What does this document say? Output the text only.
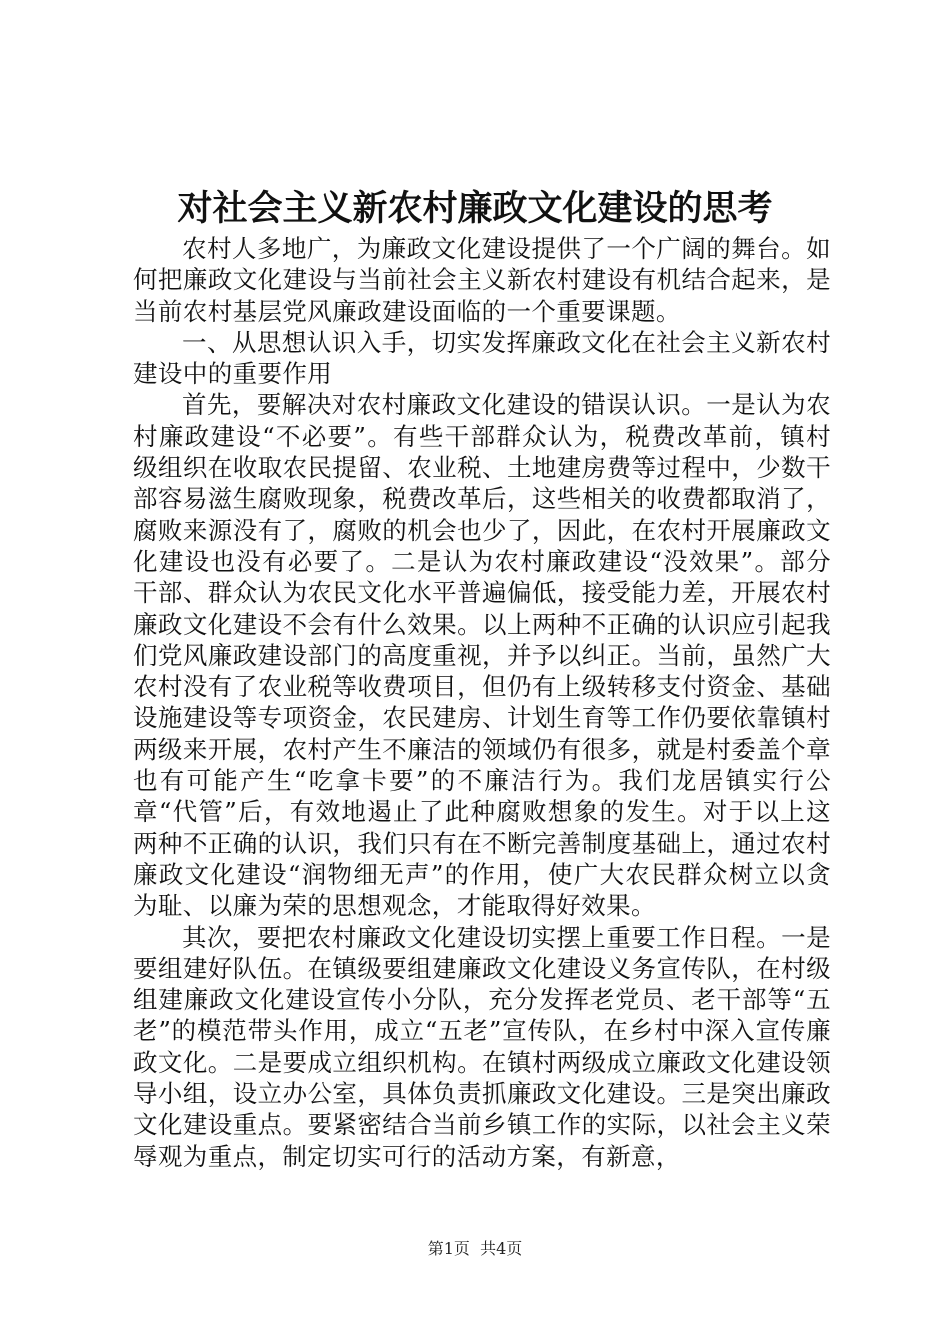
对社会主义新农村廉政文化建设的思考

农村人多地广，为廉政文化建设提供了一个广阔的舞台。如何把廉政文化建设与当前社会主义新农村建设有机结合起来，是当前农村基层党风廉政建设面临的一个重要课题。

一、从思想认识入手，切实发挥廉政文化在社会主义新农村建设中的重要作用

首先，要解决对农村廉政文化建设的错误认识。一是认为农村廉政建设“不必要”。有些干部群众认为，税费改革前，镇村级组织在收取农民提留、农业税、土地建房费等过程中，少数干部容易滋生腐败现象，税费改革后，这些相关的收费都取消了，腐败来源没有了，腐败的机会也少了，因此，在农村开展廉政文化建设也没有必要了。二是认为农村廉政建设“没效果”。部分干部、群众认为农民文化水平普遍偏低，接受能力差，开展农村廉政文化建设不会有什么效果。以上两种不正确的认识应引起我们党风廉政建设部门的高度重视，并予以纠正。当前，虽然广大农村没有了农业税等收费项目，但仍有上级转移支付资金、基础设施建设等专项资金，农民建房、计划生育等工作仍要依靠镇村两级来开展，农村产生不廉洁的领域仍有很多，就是村委盖个章也有可能产生“吃拿卡要”的不廉洁行为。我们龙居镇实行公章“代管”后，有效地遏止了此种腐败想象的发生。对于以上这两种不正确的认识，我们只有在不断完善制度基础上，通过农村廉政文化建设“润物细无声”的作用，使广大农民群众树立以贪为耻、以廉为荣的思想观念，才能取得好效果。

其次，要把农村廉政文化建设切实摆上重要工作日程。一是要组建好队伍。在镇级要组建廉政文化建设义务宣传队，在村级组建廉政文化建设宣传小分队，充分发挥老党员、老干部等“五老”的模范带头作用，成立“五老”宣传队，在乡村中深入宣传廉政文化。二是要成立组织机构。在镇村两级成立廉政文化建设领导小组，设立办公室，具体负责抓廉政文化建设。三是突出廉政文化建设重点。要紧密结合当前乡镇工作的实际，以社会主义荣辱观为重点，制定切实可行的活动方案，有新意，

第1页 共4页
